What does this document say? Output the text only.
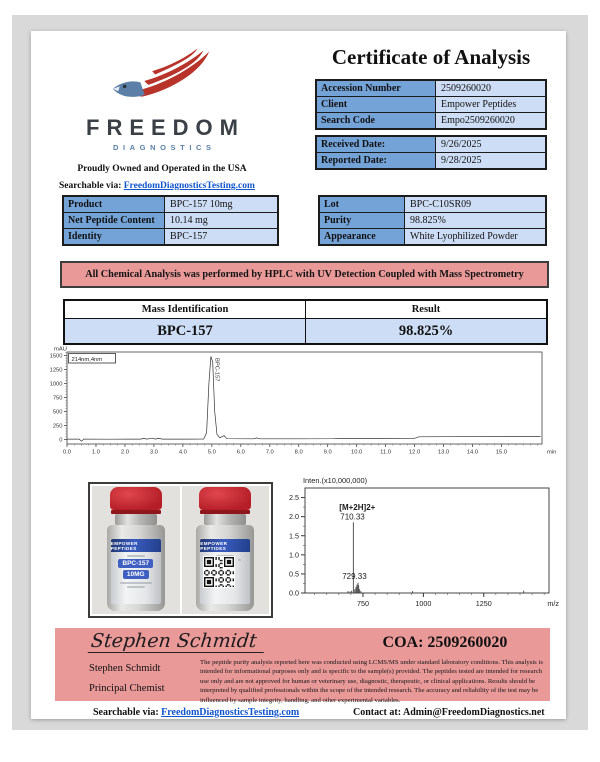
FREEDOM
DIAGNOSTICS
Proudly Owned and Operated in the USA
Searchable via: FreedomDiagnosticsTesting.com
Certificate of Analysis
Accession Number	2509260020
Client	Empower Peptides
Search Code	Empo2509260020
Received Date:	9/26/2025
Reported Date:	9/28/2025
Product	BPC-157 10mg
Net Peptide Content	10.14 mg
Identity	BPC-157
Lot	BPC-C10SR09
Purity	98.825%
Appearance	White Lyophilized Powder
All Chemical Analysis was performed by HPLC with UV Detection Coupled with Mass Spectrometry
Mass Identification	Result
BPC-157	98.825%
0
250
500
750
1000
1250
1500
0.0	1.0	2.0	3.0	4.0	5.0	6.0	7.0	8.0	9.0	10.0	11.0	12.0	13.0	14.0	15.0	min
mAU
214nm,4nm	BPC-157
EMPOWER PEPTIDES
BPC-157
10MG
EMPOWER PEPTIDES
Inten.(x10,000,000)
0.0
0.5
1.0
1.5
2.0
2.5
750	1000	1250	m/z
[M+2H]2+
710.33
729.33
Stephen Schmidt	COA: 2509260020
Stephen Schmidt
Principal Chemist
The peptide purity analysis reported here was conducted using LCMS/MS under standard laboratory conditions. This analysis is intended for informational purposes only and is specific to the sample(s) provided. The peptides tested are intended for research use only and are not approved for human or veterinary use, diagnostic, therapeutic, or clinical applications. Results should be interpreted by qualified professionals within the scope of the intended research. The accuracy and reliability of the test may be influenced by sample integrity, handling, and other experimental variables.
Searchable via: FreedomDiagnosticsTesting.com	Contact at: Admin@FreedomDiagnostics.net
